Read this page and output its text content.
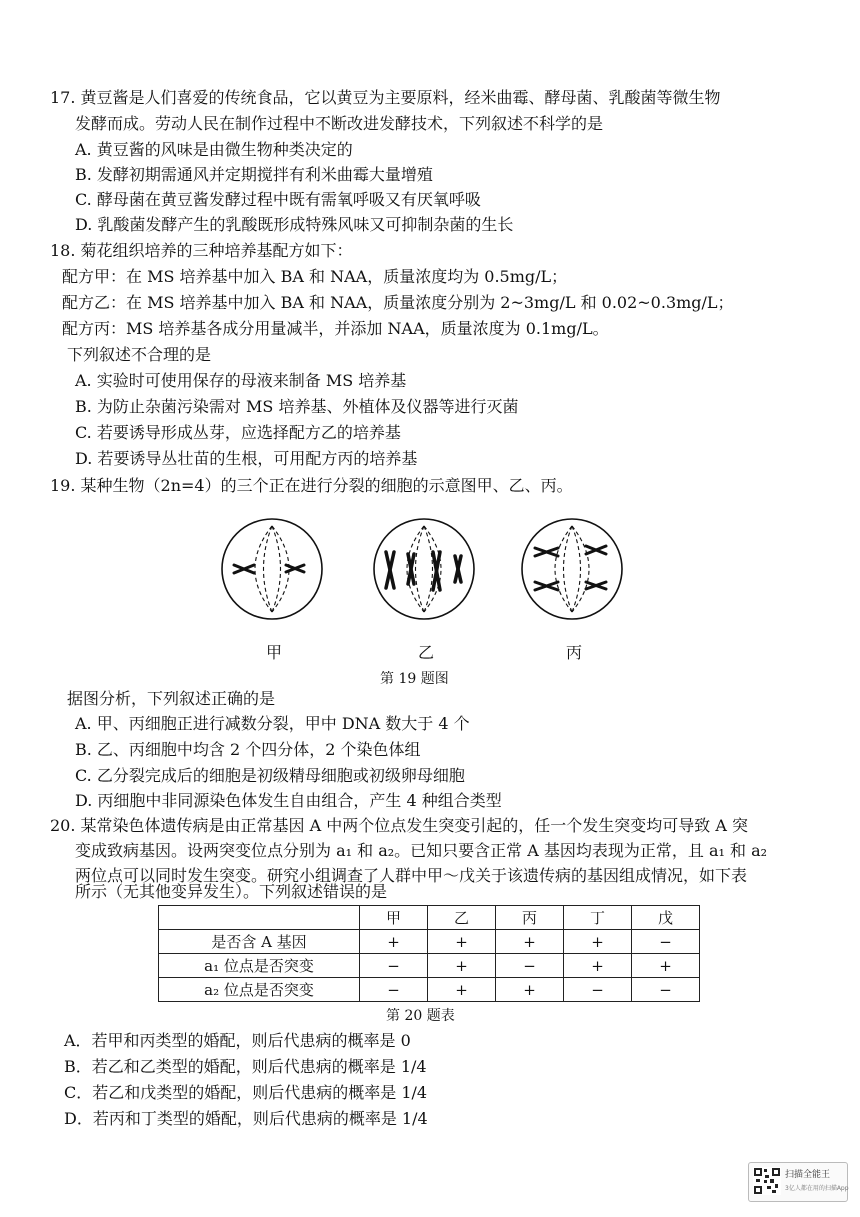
17. 黄豆酱是人们喜爱的传统食品，它以黄豆为主要原料，经米曲霉、酵母菌、乳酸菌等微生物
发酵而成。劳动人民在制作过程中不断改进发酵技术，下列叙述不科学的是
A. 黄豆酱的风味是由微生物种类决定的
B. 发酵初期需通风并定期搅拌有利米曲霉大量增殖
C. 酵母菌在黄豆酱发酵过程中既有需氧呼吸又有厌氧呼吸
D. 乳酸菌发酵产生的乳酸既形成特殊风味又可抑制杂菌的生长
18. 菊花组织培养的三种培养基配方如下：
配方甲：在 MS 培养基中加入 BA 和 NAA，质量浓度均为 0.5mg/L；
配方乙：在 MS 培养基中加入 BA 和 NAA，质量浓度分别为 2~3mg/L 和 0.02~0.3mg/L；
配方丙：MS 培养基各成分用量减半，并添加 NAA，质量浓度为 0.1mg/L。
下列叙述不合理的是
A. 实验时可使用保存的母液来制备 MS 培养基
B. 为防止杂菌污染需对 MS 培养基、外植体及仪器等进行灭菌
C. 若要诱导形成丛芽，应选择配方乙的培养基
D. 若要诱导丛壮苗的生根，可用配方丙的培养基
19. 某种生物（2n=4）的三个正在进行分裂的细胞的示意图甲、乙、丙。
甲	乙	丙
第 19 题图
据图分析，下列叙述正确的是
A. 甲、丙细胞正进行减数分裂，甲中 DNA 数大于 4 个
B. 乙、丙细胞中均含 2 个四分体，2 个染色体组
C. 乙分裂完成后的细胞是初级精母细胞或初级卵母细胞
D. 丙细胞中非同源染色体发生自由组合，产生 4 种组合类型
20. 某常染色体遗传病是由正常基因 A 中两个位点发生突变引起的，任一个发生突变均可导致 A 突
变成致病基因。设两突变位点分别为 a₁ 和 a₂。已知只要含正常 A 基因均表现为正常，且 a₁ 和 a₂
两位点可以同时发生突变。研究小组调查了人群中甲～戊关于该遗传病的基因组成情况，如下表
所示（无其他变异发生）。下列叙述错误的是
	甲	乙	丙	丁	戊
是否含 A 基因	+	+	+	+	−
a₁ 位点是否突变	−	+	−	+	+
a₂ 位点是否突变	−	+	+	−	−
第 20 题表
A．若甲和丙类型的婚配，则后代患病的概率是 0
B．若乙和乙类型的婚配，则后代患病的概率是 1/4
C．若乙和戊类型的婚配，则后代患病的概率是 1/4
D．若丙和丁类型的婚配，则后代患病的概率是 1/4
扫描全能王
3亿人都在用的扫描App
